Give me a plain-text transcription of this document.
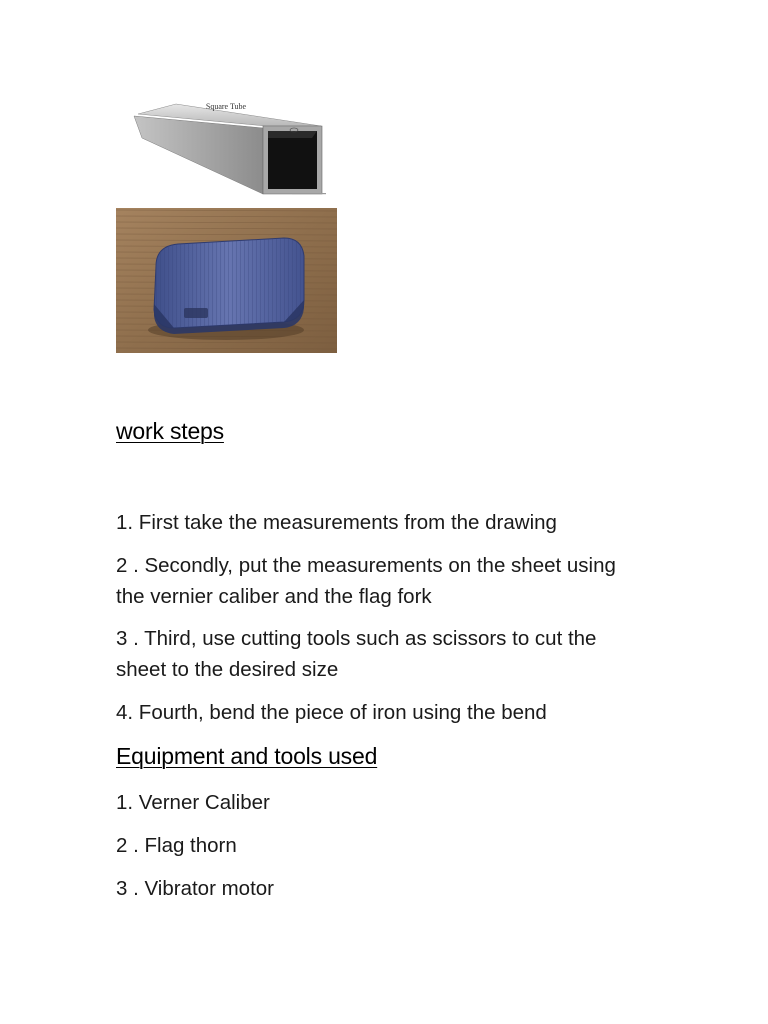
Square Tube
work steps

1. First take the measurements from the drawing

2 . Secondly, put the measurements on the sheet using the vernier caliber and the flag fork

3 . Third, use cutting tools such as scissors to cut the sheet to the desired size

4. Fourth, bend the piece of iron using the bend

Equipment and tools used

1. Verner Caliber

2 . Flag thorn

3 . Vibrator motor
